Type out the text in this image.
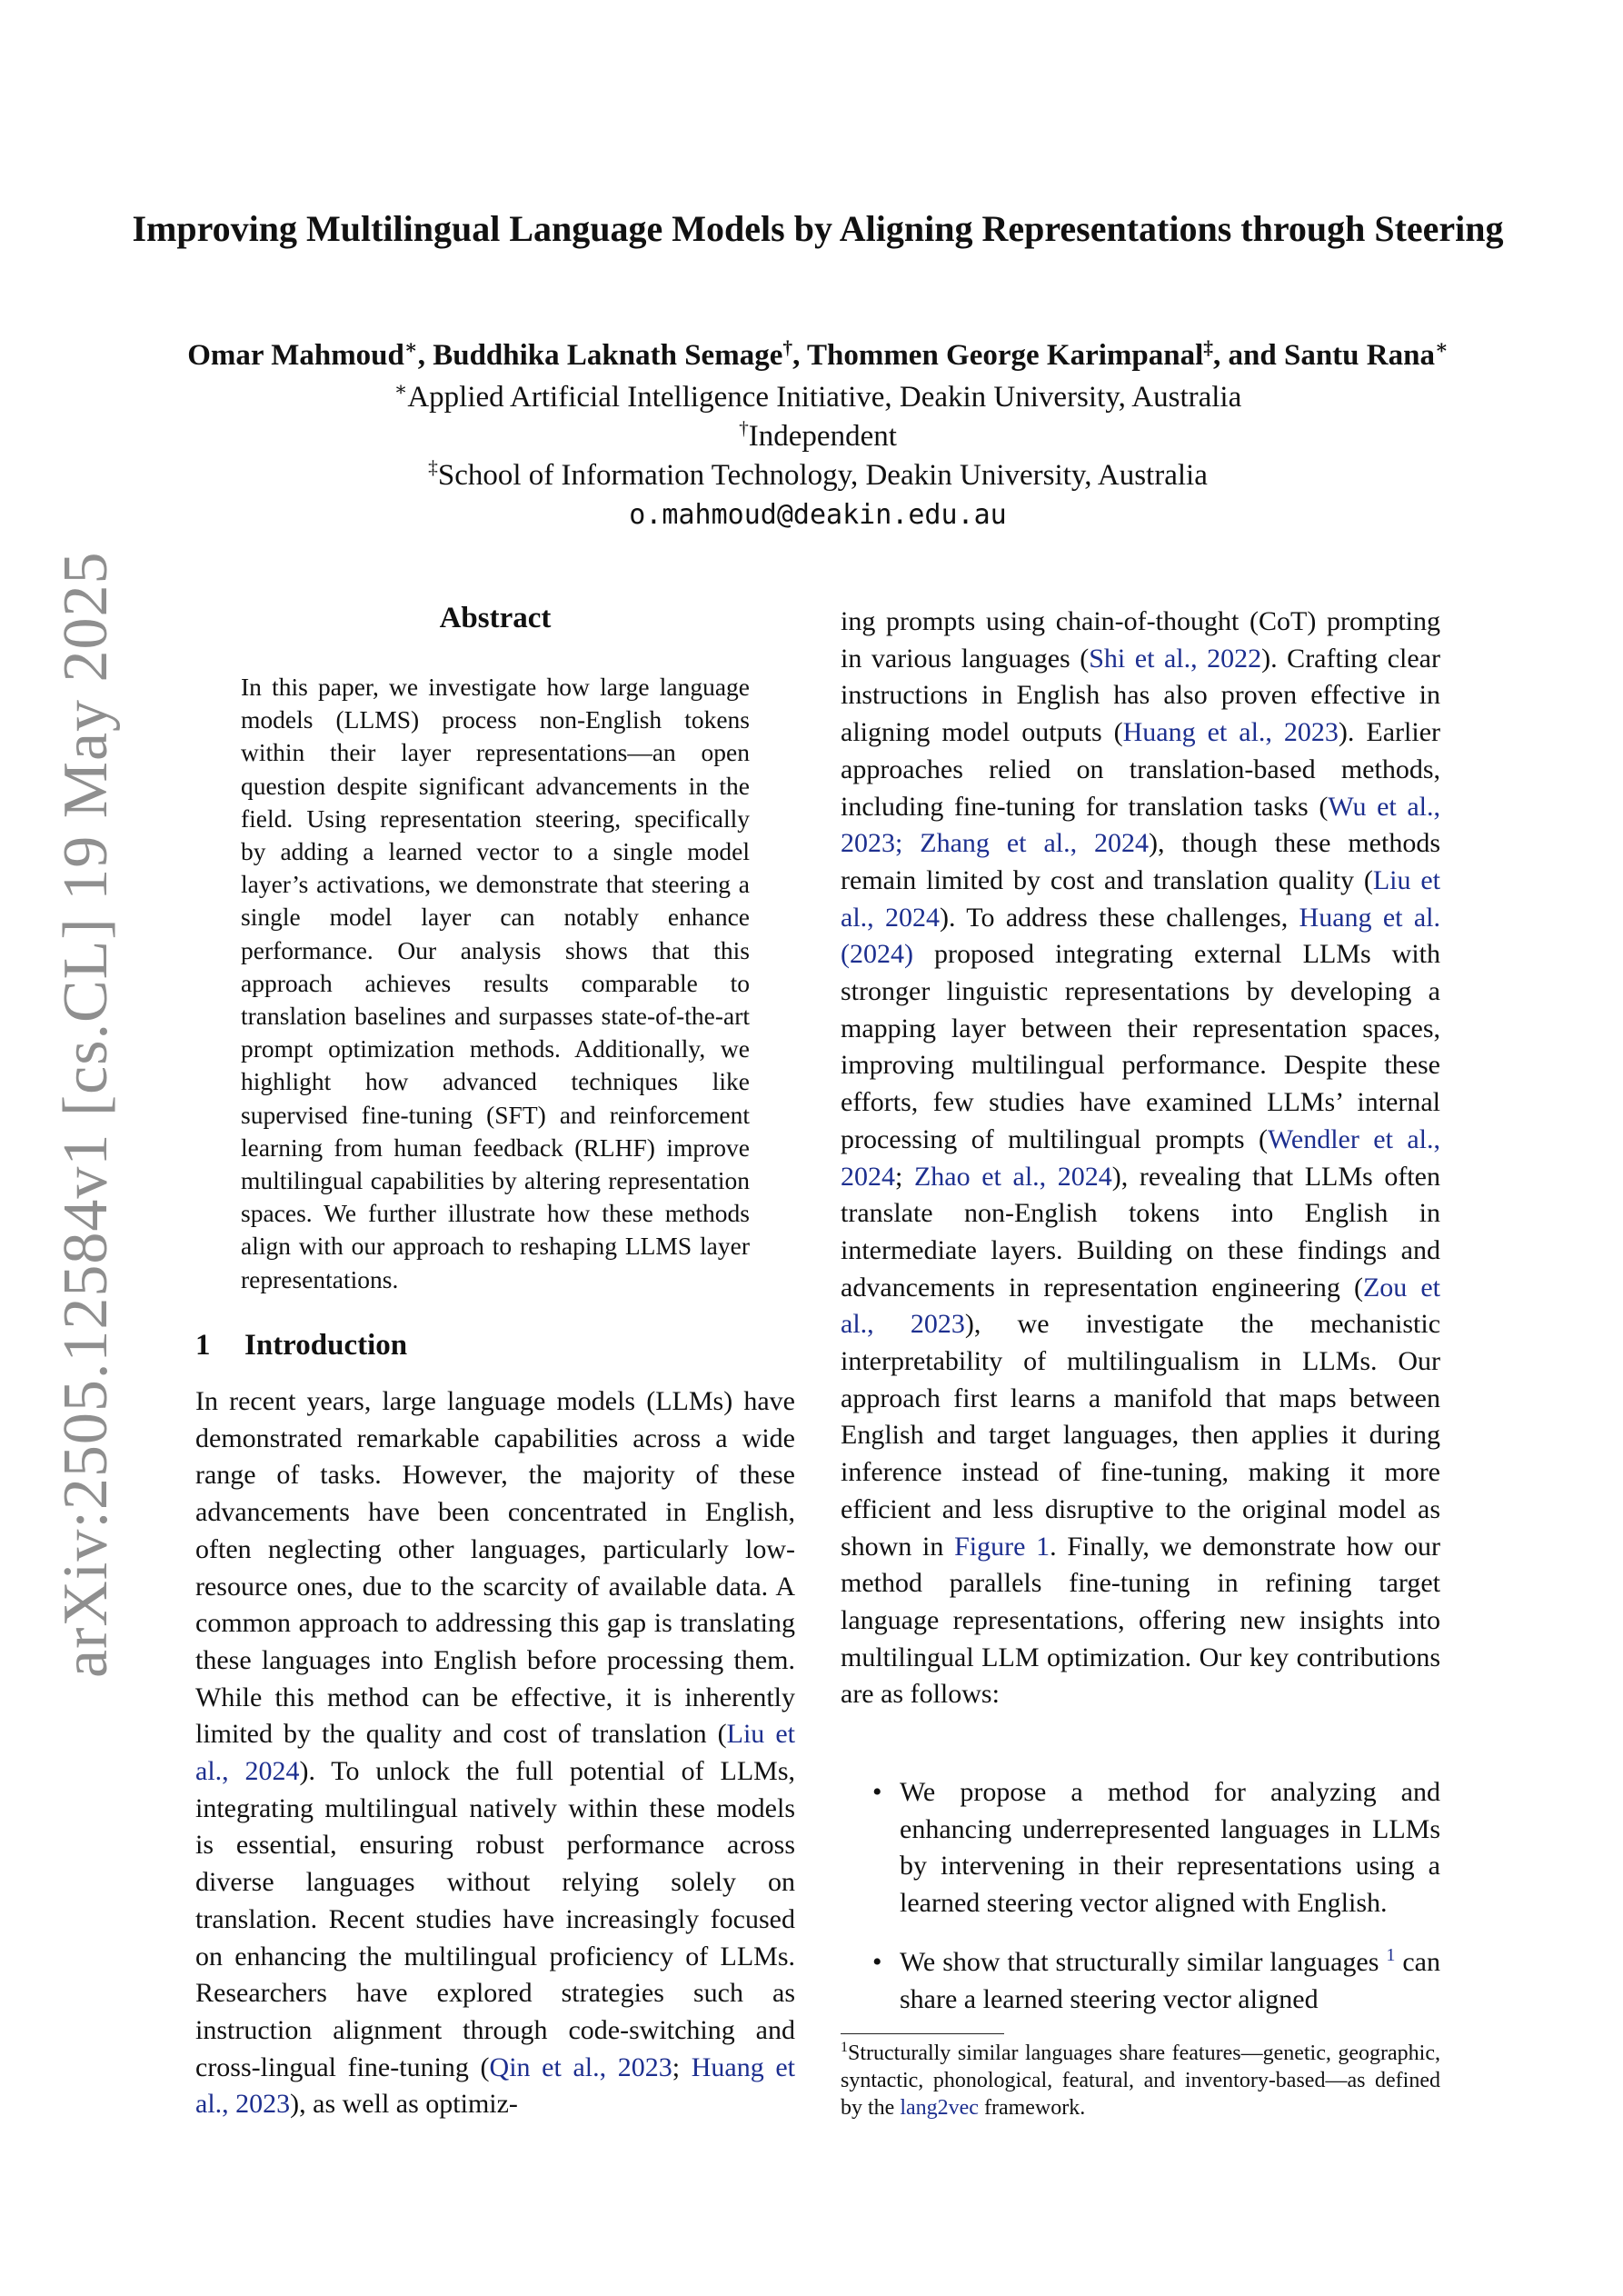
arXiv:2505.12584v1 [cs.CL] 19 May 2025
Improving Multilingual Language Models by Aligning Representations through Steering
Omar Mahmoud∗, Buddhika Laknath Semage†, Thommen George Karimpanal‡, and Santu Rana∗
∗Applied Artificial Intelligence Initiative, Deakin University, Australia
†Independent
‡School of Information Technology, Deakin University, Australia
o.mahmoud@deakin.edu.au
Abstract

In this paper, we investigate how large language models (LLMS) process non-English tokens within their layer representations—an open question despite significant advancements in the field. Using representation steering, specifically by adding a learned vector to a single model layer’s activations, we demonstrate that steering a single model layer can notably enhance performance. Our analysis shows that this approach achieves results comparable to translation baselines and surpasses state-of-the-art prompt optimization methods. Additionally, we highlight how advanced techniques like supervised fine-tuning (SFT) and reinforcement learning from human feedback (RLHF) improve multilingual capabilities by altering representation spaces. We further illustrate how these methods align with our approach to reshaping LLMS layer representations.

1 Introduction

In recent years, large language models (LLMs) have demonstrated remarkable capabilities across a wide range of tasks. However, the majority of these advancements have been concentrated in English, often neglecting other languages, particularly low-resource ones, due to the scarcity of available data. A common approach to addressing this gap is translating these languages into English before processing them. While this method can be effective, it is inherently limited by the quality and cost of translation (Liu et al., 2024). To unlock the full potential of LLMs, integrating multilingual natively within these models is essential, ensuring robust performance across diverse languages without relying solely on translation. Recent studies have increasingly focused on enhancing the multilingual proficiency of LLMs. Researchers have explored strategies such as instruction alignment through code-switching and cross-lingual fine-tuning (Qin et al., 2023; Huang et al., 2023), as well as optimiz-

ing prompts using chain-of-thought (CoT) prompting in various languages (Shi et al., 2022). Crafting clear instructions in English has also proven effective in aligning model outputs (Huang et al., 2023). Earlier approaches relied on translation-based methods, including fine-tuning for translation tasks (Wu et al., 2023; Zhang et al., 2024), though these methods remain limited by cost and translation quality (Liu et al., 2024). To address these challenges, Huang et al. (2024) proposed integrating external LLMs with stronger linguistic representations by developing a mapping layer between their representation spaces, improving multilingual performance. Despite these efforts, few studies have examined LLMs’ internal processing of multilingual prompts (Wendler et al., 2024; Zhao et al., 2024), revealing that LLMs often translate non-English tokens into English in intermediate layers. Building on these findings and advancements in representation engineering (Zou et al., 2023), we investigate the mechanistic interpretability of multilingualism in LLMs. Our approach first learns a manifold that maps between English and target languages, then applies it during inference instead of fine-tuning, making it more efficient and less disruptive to the original model as shown in Figure 1. Finally, we demonstrate how our method parallels fine-tuning in refining target language representations, offering new insights into multilingual LLM optimization. Our key contributions are as follows:

• We propose a method for analyzing and enhancing underrepresented languages in LLMs by intervening in their representations using a learned steering vector aligned with English.
• We show that structurally similar languages $^1$ can share a learned steering vector aligned

$^1$Structurally similar languages share features—genetic, geographic, syntactic, phonological, featural, and inventory-based—as defined by the lang2vec framework.
